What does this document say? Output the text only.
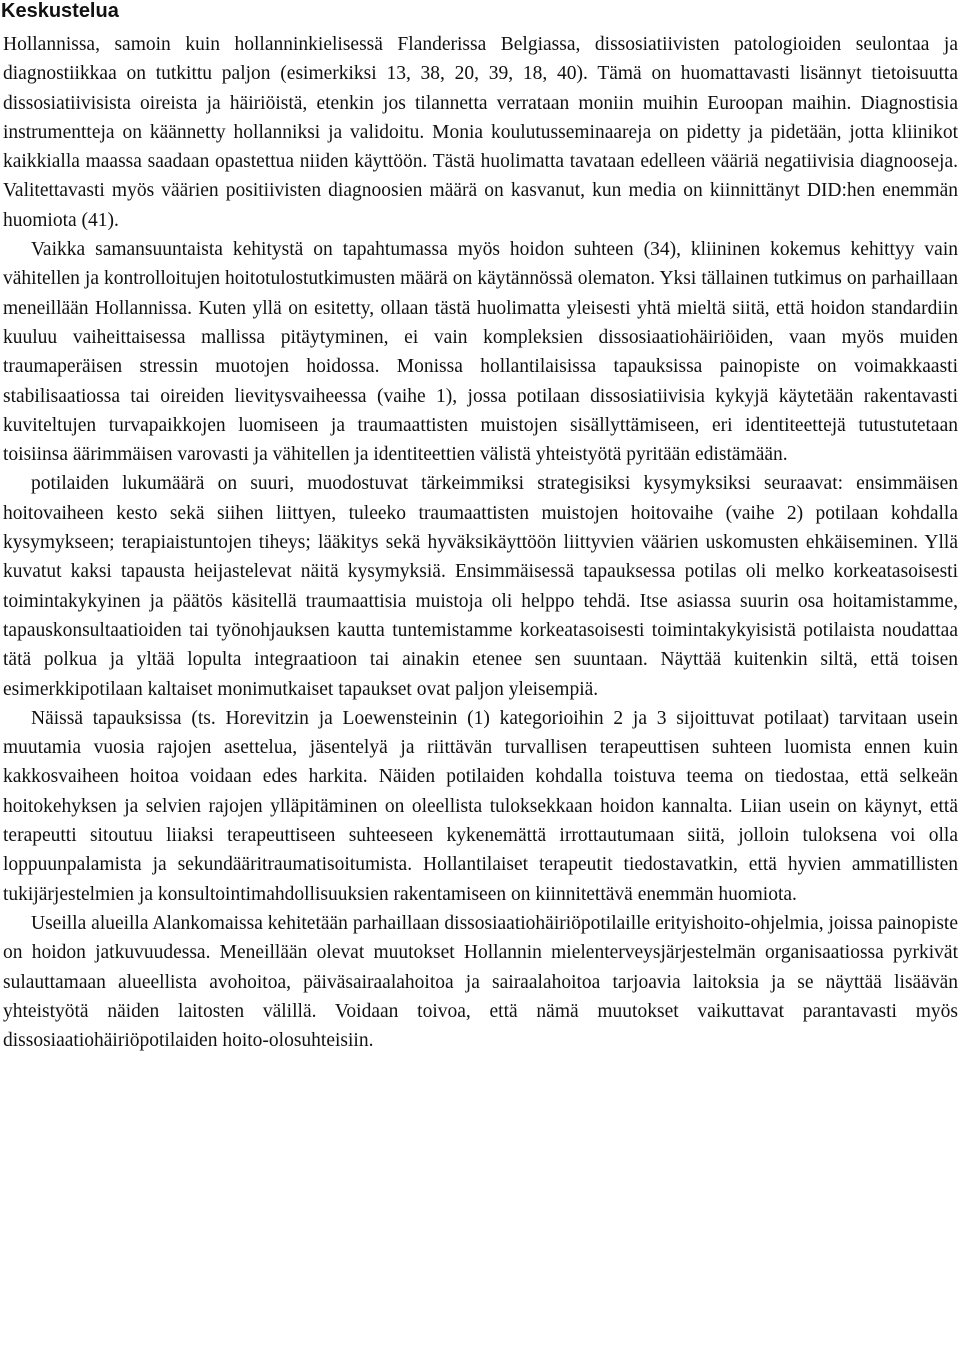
Keskustelua

Hollannissa, samoin kuin hollanninkielisessä Flanderissa Belgiassa, dissosiatiivisten patologioiden seulontaa ja diagnostiikkaa on tutkittu paljon (esimerkiksi 13, 38, 20, 39, 18, 40). Tämä on huomattavasti lisännyt tietoisuutta dissosiatiivisista oireista ja häiriöistä, etenkin jos tilannetta verrataan moniin muihin Euroopan maihin. Diagnostisia instrumentteja on käännetty hollanniksi ja validoitu. Monia koulutusseminaareja on pidetty ja pidetään, jotta kliinikot kaikkialla maassa saadaan opastettua niiden käyttöön. Tästä huolimatta tavataan edelleen vääriä negatiivisia diagnooseja. Valitettavasti myös väärien positiivisten diagnoosien määrä on kasvanut, kun media on kiinnittänyt DID:hen enemmän huomiota (41).

Vaikka samansuuntaista kehitystä on tapahtumassa myös hoidon suhteen (34), kliininen kokemus kehittyy vain vähitellen ja kontrolloitujen hoitotulostutkimusten määrä on käytännössä olematon. Yksi tällainen tutkimus on parhaillaan meneillään Hollannissa. Kuten yllä on esitetty, ollaan tästä huolimatta yleisesti yhtä mieltä siitä, että hoidon standardiin kuuluu vaiheittaisessa mallissa pitäytyminen, ei vain kompleksien dissosiaatiohäiriöiden, vaan myös muiden traumaperäisen stressin muotojen hoidossa. Monissa hollantilaisissa tapauksissa painopiste on voimakkaasti stabilisaatiossa tai oireiden lievitysvaiheessa (vaihe 1), jossa potilaan dissosiatiivisia kykyjä käytetään rakentavasti kuviteltujen turvapaikkojen luomiseen ja traumaattisten muistojen sisällyttämiseen, eri identiteettejä tutustutetaan toisiinsa äärimmäisen varovasti ja vähitellen ja identiteettien välistä yhteistyötä pyritään edistämään.

potilaiden lukumäärä on suuri, muodostuvat tärkeimmiksi strategisiksi kysymyksiksi seuraavat: ensimmäisen hoitovaiheen kesto sekä siihen liittyen, tuleeko traumaattisten muistojen hoitovaihe (vaihe 2) potilaan kohdalla kysymykseen; terapiaistuntojen tiheys; lääkitys sekä hyväksikäyttöön liittyvien väärien uskomusten ehkäiseminen. Yllä kuvatut kaksi tapausta heijastelevat näitä kysymyksiä. Ensimmäisessä tapauksessa potilas oli melko korkeatasoisesti toimintakykyinen ja päätös käsitellä traumaattisia muistoja oli helppo tehdä. Itse asiassa suurin osa hoitamistamme, tapauskonsultaatioiden tai työnohjauksen kautta tuntemistamme korkeatasoisesti toimintakykyisistä potilaista noudattaa tätä polkua ja yltää lopulta integraatioon tai ainakin etenee sen suuntaan. Näyttää kuitenkin siltä, että toisen esimerkkipotilaan kaltaiset monimutkaiset tapaukset ovat paljon yleisempiä.

Näissä tapauksissa (ts. Horevitzin ja Loewensteinin (1) kategorioihin 2 ja 3 sijoittuvat potilaat) tarvitaan usein muutamia vuosia rajojen asettelua, jäsentelyä ja riittävän turvallisen terapeuttisen suhteen luomista ennen kuin kakkosvaiheen hoitoa voidaan edes harkita. Näiden potilaiden kohdalla toistuva teema on tiedostaa, että selkeän hoitokehyksen ja selvien rajojen ylläpitäminen on oleellista tuloksekkaan hoidon kannalta. Liian usein on käynyt, että terapeutti sitoutuu liiaksi terapeuttiseen suhteeseen kykenemättä irrottautumaan siitä, jolloin tuloksena voi olla loppuunpalamista ja sekundääritraumatisoitumista. Hollantilaiset terapeutit tiedostavatkin, että hyvien ammatillisten tukijärjestelmien ja konsultointimahdollisuuksien rakentamiseen on kiinnitettävä enemmän huomiota.

Useilla alueilla Alankomaissa kehitetään parhaillaan dissosiaatiohäiriöpotilaille erityishoito-ohjelmia, joissa painopiste on hoidon jatkuvuudessa. Meneillään olevat muutokset Hollannin mielenterveysjärjestelmän organisaatiossa pyrkivät sulauttamaan alueellista avohoitoa, päiväsairaalahoitoa ja sairaalahoitoa tarjoavia laitoksia ja se näyttää lisäävän yhteistyötä näiden laitosten välillä. Voidaan toivoa, että nämä muutokset vaikuttavat parantavasti myös dissosiaatiohäiriöpotilaiden hoito-olosuhteisiin.
